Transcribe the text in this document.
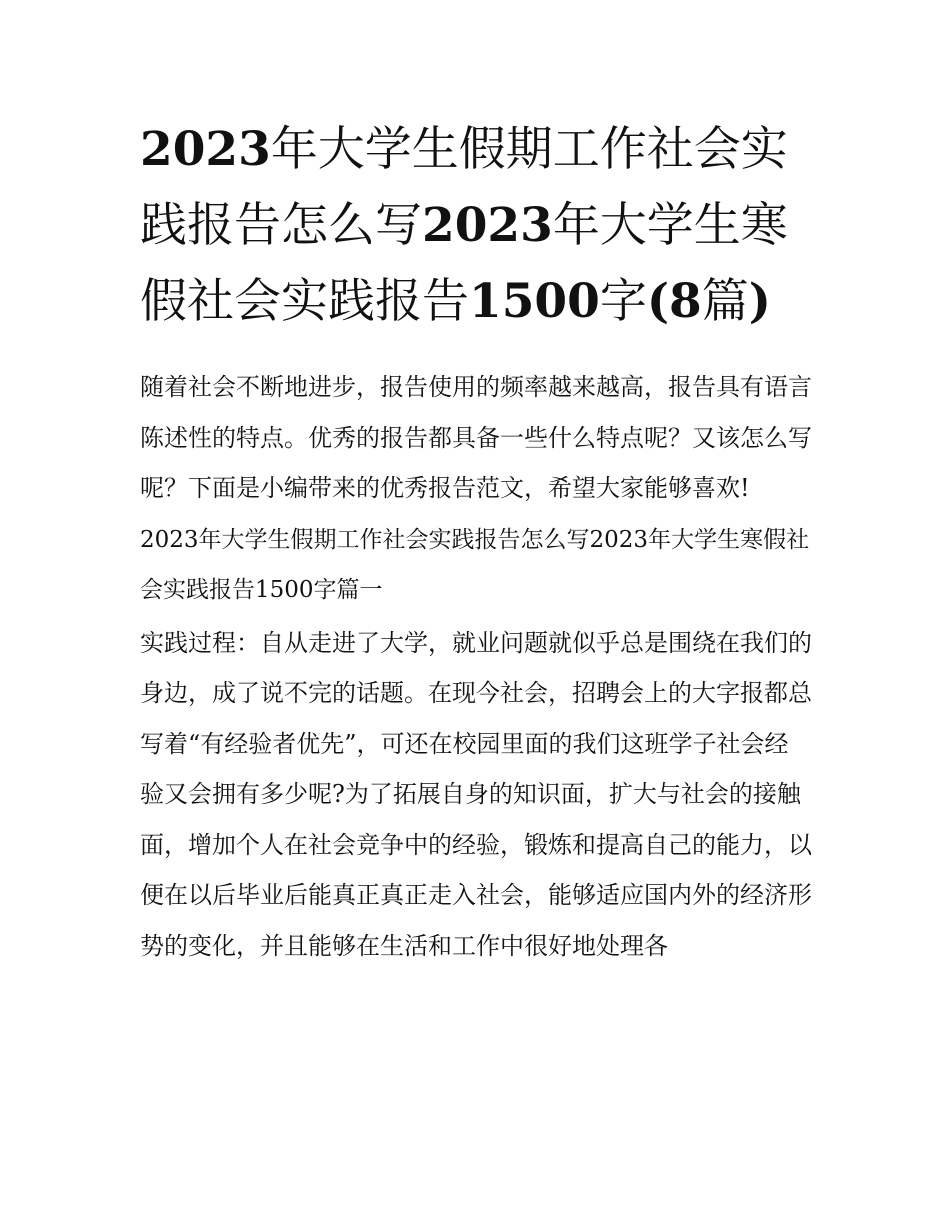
2023年大学生假期工作社会实践报告怎么写2023年大学生寒假社会实践报告1500字(8篇)

随着社会不断地进步，报告使用的频率越来越高，报告具有语言陈述性的特点。优秀的报告都具备一些什么特点呢？又该怎么写呢？下面是小编带来的优秀报告范文，希望大家能够喜欢!

2023年大学生假期工作社会实践报告怎么写2023年大学生寒假社会实践报告1500字篇一

实践过程：自从走进了大学，就业问题就似乎总是围绕在我们的身边，成了说不完的话题。在现今社会，招聘会上的大字报都总写着“有经验者优先”，可还在校园里面的我们这班学子社会经验又会拥有多少呢?为了拓展自身的知识面，扩大与社会的接触面，增加个人在社会竞争中的经验，锻炼和提高自己的能力，以便在以后毕业后能真正真正走入社会，能够适应国内外的经济形势的变化，并且能够在生活和工作中很好地处理各
